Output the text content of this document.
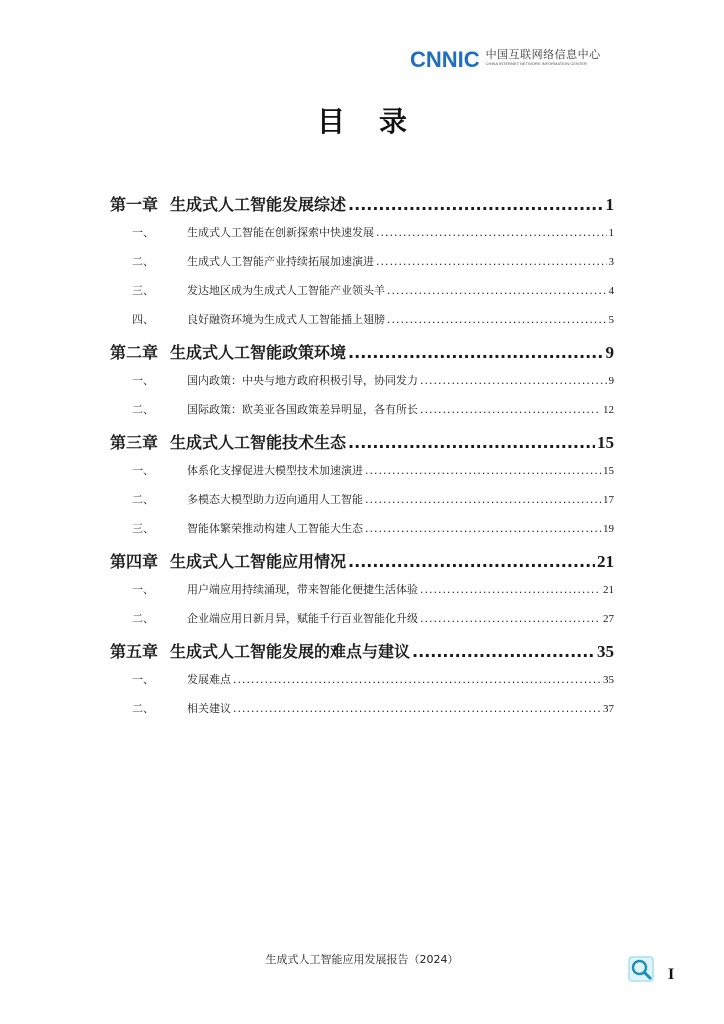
CNNIC 中国互联网络信息中心
CHINA INTERNET NETWORK INFORMATION CENTER
目录
第一章 生成式人工智能发展综述 .....	1
一、	生成式人工智能在创新探索中快速发展 .....	1
二、	生成式人工智能产业持续拓展加速演进 .....	3
三、	发达地区成为生成式人工智能产业领头羊 .....	4
四、	良好融资环境为生成式人工智能插上翅膀 .....	5
第二章 生成式人工智能政策环境 .....	9
一、	国内政策：中央与地方政府积极引导，协同发力 .....	9
二、	国际政策：欧美亚各国政策差异明显，各有所长 .....	12
第三章 生成式人工智能技术生态 .....	15
一、	体系化支撑促进大模型技术加速演进 .....	15
二、	多模态大模型助力迈向通用人工智能 .....	17
三、	智能体繁荣推动构建人工智能大生态 .....	19
第四章 生成式人工智能应用情况 .....	21
一、	用户端应用持续涌现，带来智能化便捷生活体验 .....	21
二、	企业端应用日新月异，赋能千行百业智能化升级 .....	27
第五章 生成式人工智能发展的难点与建议 .....	35
一、	发展难点 .....	35
二、	相关建议 .....	37
生成式人工智能应用发展报告（2024）
I
